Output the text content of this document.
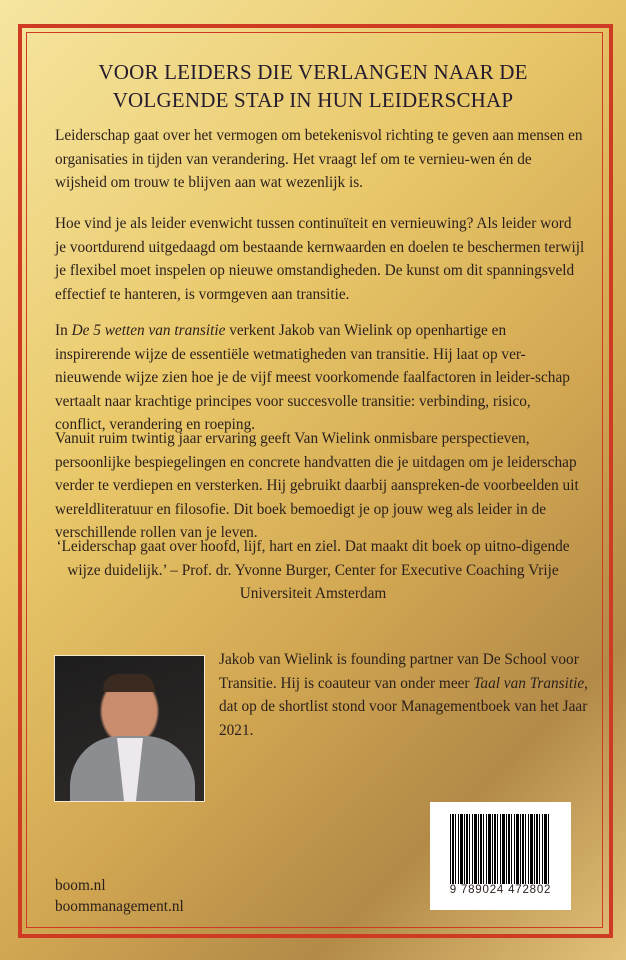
VOOR LEIDERS DIE VERLANGEN NAAR DE
VOLGENDE STAP IN HUN LEIDERSCHAP

Leiderschap gaat over het vermogen om betekenisvol richting te geven aan mensen en organisaties in tijden van verandering. Het vraagt lef om te vernieu-wen én de wijsheid om trouw te blijven aan wat wezenlijk is.

Hoe vind je als leider evenwicht tussen continuïteit en vernieuwing? Als leider word je voortdurend uitgedaagd om bestaande kernwaarden en doelen te beschermen terwijl je flexibel moet inspelen op nieuwe omstandigheden. De kunst om dit spanningsveld effectief te hanteren, is vormgeven aan transitie.

In De 5 wetten van transitie verkent Jakob van Wielink op openhartige en inspirerende wijze de essentiële wetmatigheden van transitie. Hij laat op ver-nieuwende wijze zien hoe je de vijf meest voorkomende faalfactoren in leider-schap vertaalt naar krachtige principes voor succesvolle transitie: verbinding, risico, conflict, verandering en roeping.

Vanuit ruim twintig jaar ervaring geeft Van Wielink onmisbare perspectieven, persoonlijke bespiegelingen en concrete handvatten die je uitdagen om je leiderschap verder te verdiepen en versterken. Hij gebruikt daarbij aanspreken-de voorbeelden uit wereldliteratuur en filosofie. Dit boek bemoedigt je op jouw weg als leider in de verschillende rollen van je leven.

‘Leiderschap gaat over hoofd, lijf, hart en ziel. Dat maakt dit boek op uitno-digende wijze duidelijk.’ – Prof. dr. Yvonne Burger, Center for Executive Coaching Vrije Universiteit Amsterdam

Jakob van Wielink is founding partner van De School voor Transitie. Hij is coauteur van onder meer Taal van Transitie, dat op de shortlist stond voor Managementboek van het Jaar 2021.

boom.nl
boommanagement.nl
9 789024 472802
